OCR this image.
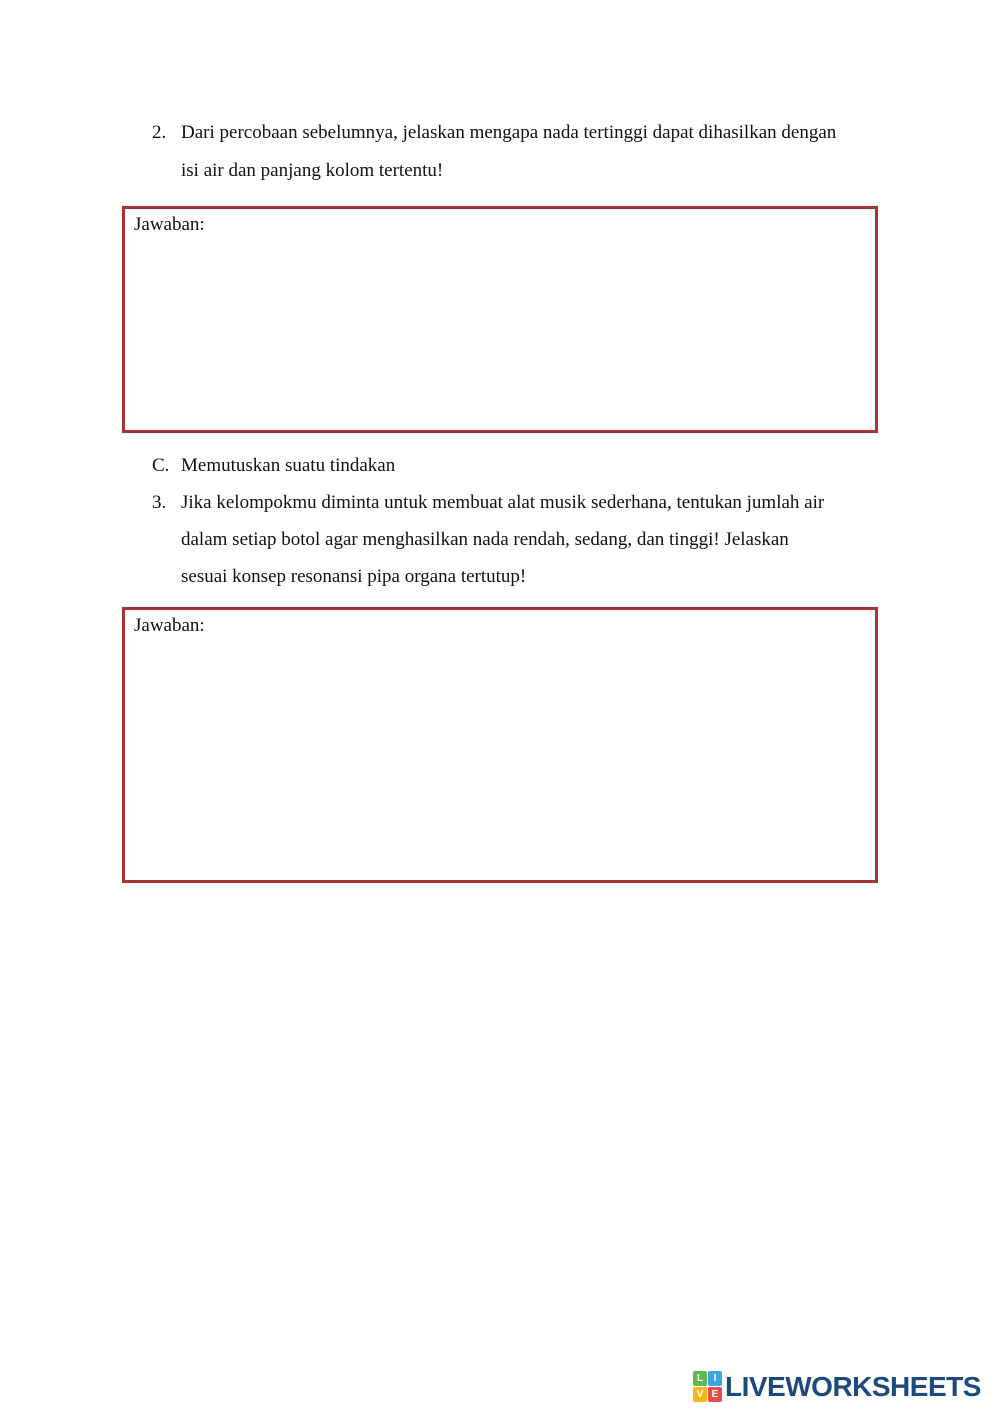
2. Dari percobaan sebelumnya, jelaskan mengapa nada tertinggi dapat dihasilkan dengan
isi air dan panjang kolom tertentu!
Jawaban:
C. Memutuskan suatu tindakan
3. Jika kelompokmu diminta untuk membuat alat musik sederhana, tentukan jumlah air
dalam setiap botol agar menghasilkan nada rendah, sedang, dan tinggi! Jelaskan
sesuai konsep resonansi pipa organa tertutup!
Jawaban:
L	I
V E LIVEWORKSHEETS
